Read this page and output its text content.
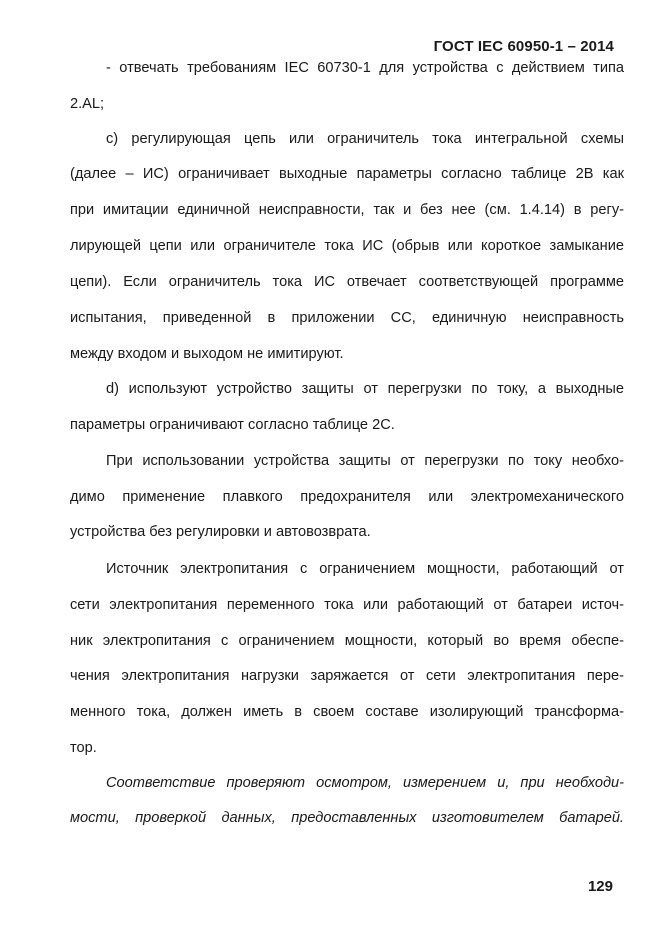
ГОСТ IEC 60950-1 – 2014
- отвечать требованиям IEC 60730-1 для устройства с действием типа
2.AL;
с) регулирующая цепь или ограничитель тока интегральной схемы
(далее – ИС) ограничивает выходные параметры согласно таблице 2В как
при имитации единичной неисправности, так и без нее (см. 1.4.14) в регу-
лирующей цепи или ограничителе тока ИС (обрыв или короткое замыкание
цепи). Если ограничитель тока ИС отвечает соответствующей программе
испытания, приведенной в приложении СС, единичную неисправность
между входом и выходом не имитируют.
d) используют устройство защиты от перегрузки по току, а выходные
параметры ограничивают согласно таблице 2С.
При использовании устройства защиты от перегрузки по току необхо-
димо применение плавкого предохранителя или электромеханического
устройства без регулировки и автовозврата.
Источник электропитания с ограничением мощности, работающий от
сети электропитания переменного тока или работающий от батареи источ-
ник электропитания с ограничением мощности, который во время обеспе-
чения электропитания нагрузки заряжается от сети электропитания пере-
менного тока, должен иметь в своем составе изолирующий трансформа-
тор.
Соответствие проверяют осмотром, измерением и, при необходи-
мости, проверкой данных, предоставленных изготовителем батарей.
129
